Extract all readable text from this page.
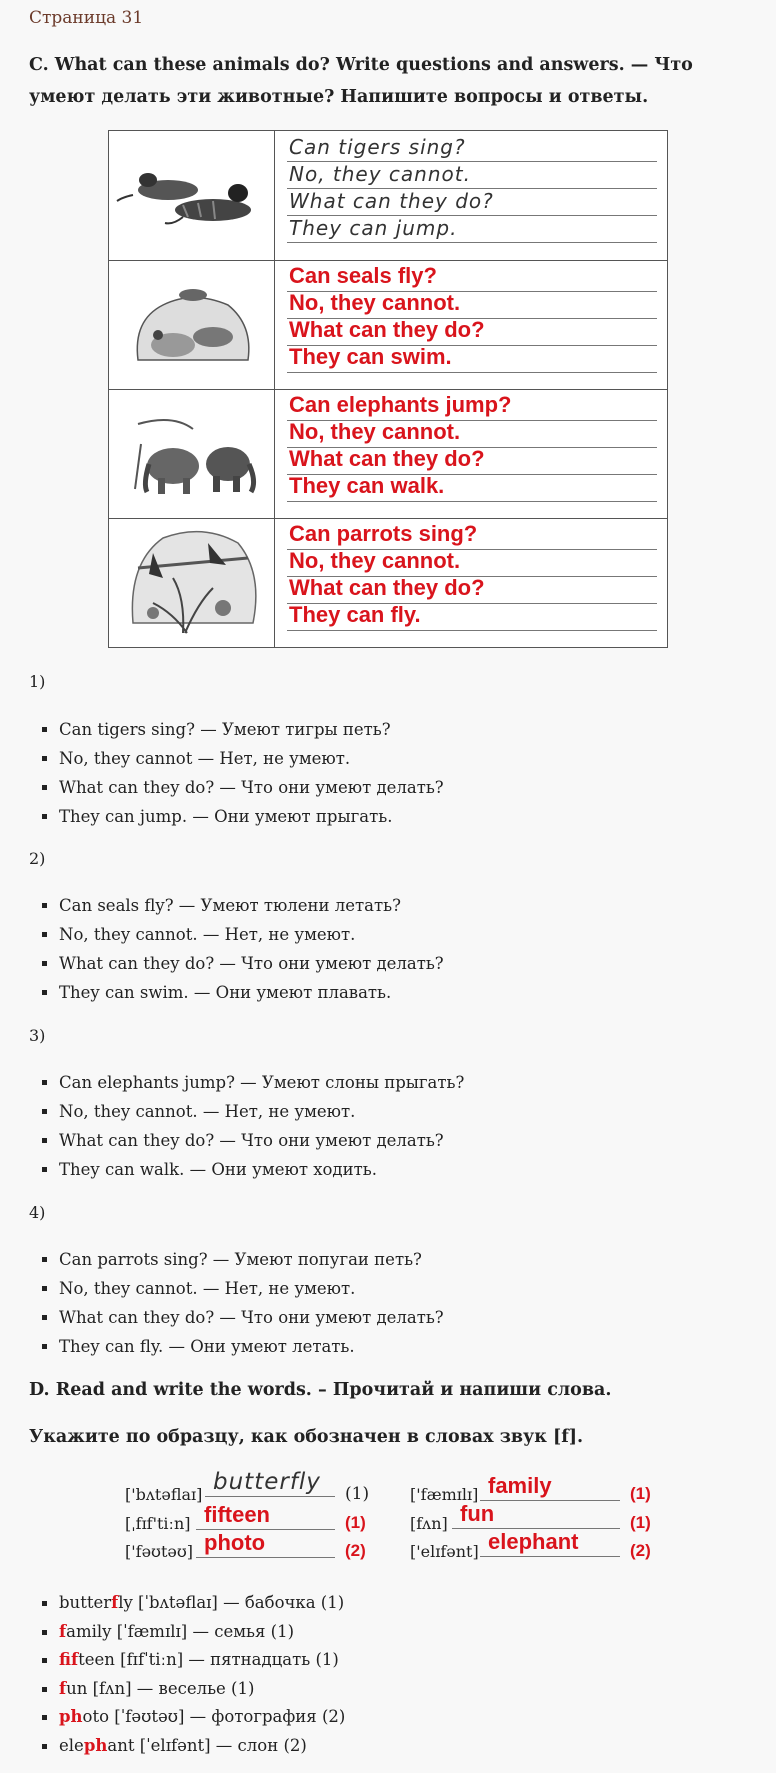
Страница 31
C. What can these animals do? Write questions and answers. — Что умеют делать эти животные? Напишите вопросы и ответы.
Can tigers sing?
No, they cannot.
What can they do?
They can jump.
Can seals fly?
No, they cannot.
What can they do?
They can swim.
Can elephants jump?
No, they cannot.
What can they do?
They can walk.
Can parrots sing?
No, they cannot.
What can they do?
They can fly.
1)
Can tigers sing? — Умеют тигры петь?
No, they cannot — Нет, не умеют.
What can they do? — Что они умеют делать?
They can jump. — Они умеют прыгать.
2)
Can seals fly? — Умеют тюлени летать?
No, they cannot. — Нет, не умеют.
What can they do? — Что они умеют делать?
They can swim. — Они умеют плавать.
3)
Can elephants jump? — Умеют слоны прыгать?
No, they cannot. — Нет, не умеют.
What can they do? — Что они умеют делать?
They can walk. — Они умеют ходить.
4)
Can parrots sing? — Умеют попугаи петь?
No, they cannot. — Нет, не умеют.
What can they do? — Что они умеют делать?
They can fly. — Они умеют летать.
D. Read and write the words. – Прочитай и напиши слова.
Укажите по образцу, как обозначен в словах звук [f].
['bʌtəflaɪ] butterfly (1)
[ˌfɪf'tiːn] fifteen	(1)
['fəʊtəʊ] photo	(2)
['fæmɪlɪ] family	(1)
[fʌn] fun	(1)
['elɪfənt] elephant	(2)
butterfly [ˈbʌtəflaɪ] — бабочка (1)
family [ˈfæmɪlɪ] — семья (1)
fifteen [fɪfˈtiːn] — пятнадцать (1)
fun [fʌn] — веселье (1)
photo [ˈfəʊtəʊ] — фотография (2)
elephant [ˈelɪfənt] — слон (2)
